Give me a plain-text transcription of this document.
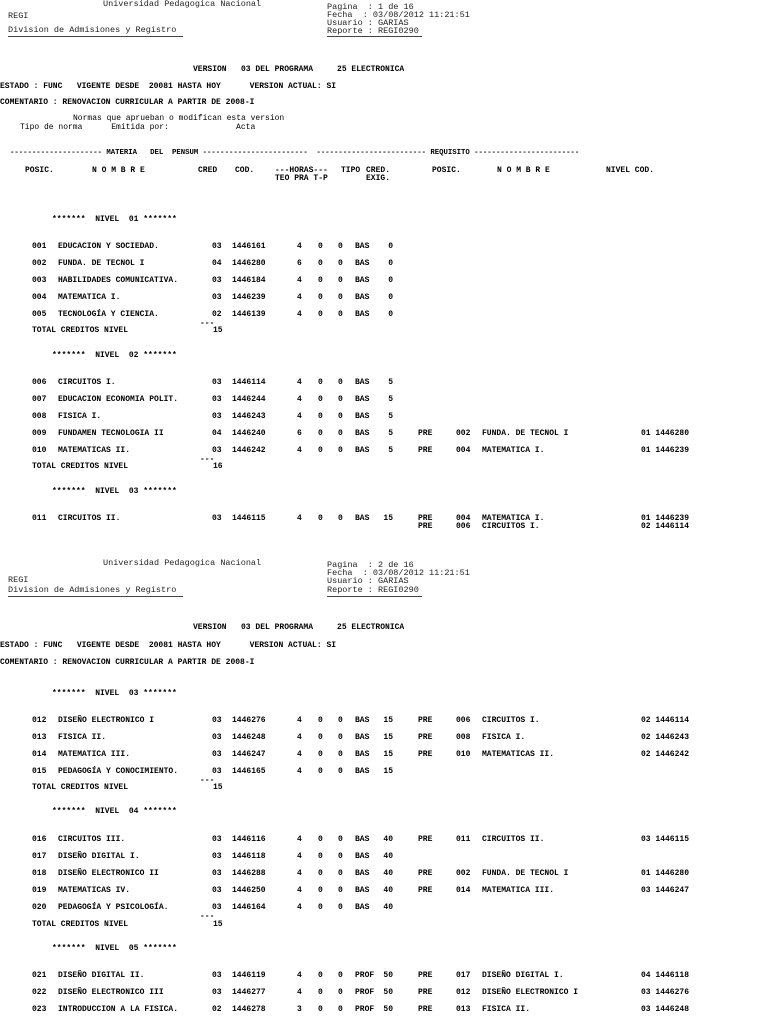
Universidad Pedagogica Nacional	Pagina  : 1 de 16
REGI	Fecha  : 03/08/2012 11:21:51
Usuario : GARIAS
Division de Admisiones y Registro	Reporte : REGI0290
VERSION   03 DEL PROGRAMA     25 ELECTRONICA
ESTADO : FUNC   VIGENTE DESDE  20081 HASTA HOY      VERSION ACTUAL: SI
COMENTARIO : RENOVACION CURRICULAR A PARTIR DE 2008-I
Normas que aprueban o modifican esta version
Tipo de norma      Emitida por:              Acta
--------------------- MATERIA   DEL  PENSUM ------------------------  ------------------------- REQUISITO ------------------------
POSIC.	N O M B R E	CRED COD.	---HORAS---
TEO PRA T-P
TIPO CRED.
EXIG.
POSIC.	N O M B R E	NIVEL COD.
*******  NIVEL  01 *******
001 EDUCACION Y SOCIEDAD.	03 1446161	4 0 0 BAS	0
002 FUNDA. DE TECNOL I	04 1446280	6 0 0 BAS	0
003 HABILIDADES COMUNICATIVA.	03 1446184	4 0 0 BAS	0
004 MATEMATICA I.	03 1446239	4 0 0 BAS	0
005 TECNOLOGÍA Y CIENCIA.	02 1446139	4 0 0 BAS	0
---
TOTAL CREDITOS NIVEL	15
*******  NIVEL  02 *******
006 CIRCUITOS I.	03 1446114	4 0 0 BAS	5
007 EDUCACION ECONOMIA POLIT.	03 1446244	4 0 0 BAS	5
008 FISICA I.	03 1446243	4 0 0 BAS	5
009 FUNDAMEN TECNOLOGIA II	04 1446240	6 0 0 BAS	5	PRE	002 FUNDA. DE TECNOL I	01 1446280
010 MATEMATICAS II.	03 1446242	4 0 0 BAS	5	PRE	004 MATEMATICA I.	01 1446239
---
TOTAL CREDITOS NIVEL	16
*******  NIVEL  03 *******
011 CIRCUITOS II.	03 1446115	4 0 0 BAS	15	PRE	004 MATEMATICA I.	01 1446239
PRE	006 CIRCUITOS I.	02 1446114
Universidad Pedagogica Nacional	Pagina  : 2 de 16
REGI
Fecha  : 03/08/2012 11:21:51
Usuario : GARIAS
Division de Admisiones y Registro	Reporte : REGI0290
VERSION   03 DEL PROGRAMA     25 ELECTRONICA
ESTADO : FUNC   VIGENTE DESDE  20081 HASTA HOY      VERSION ACTUAL: SI
COMENTARIO : RENOVACION CURRICULAR A PARTIR DE 2008-I
*******  NIVEL  03 *******
012 DISEÑO ELECTRONICO I	03 1446276	4 0 0 BAS	15	PRE	006 CIRCUITOS I.	02 1446114
013 FISICA II.	03 1446248	4 0 0 BAS	15	PRE	008 FISICA I.	02 1446243
014 MATEMATICA III.	03 1446247	4 0 0 BAS	15	PRE	010 MATEMATICAS II.	02 1446242
015 PEDAGOGÍA Y CONOCIMIENTO.	03 1446165	4 0 0 BAS	15
---
TOTAL CREDITOS NIVEL	15
*******  NIVEL  04 *******
016 CIRCUITOS III.	03 1446116	4 0 0 BAS	40	PRE	011 CIRCUITOS II.	03 1446115
017 DISEÑO DIGITAL I.	03 1446118	4 0 0 BAS	40
018 DISEÑO ELECTRONICO II	03 1446288	4 0 0 BAS	40	PRE	002 FUNDA. DE TECNOL I	01 1446280
019 MATEMATICAS IV.	03 1446250	4 0 0 BAS	40	PRE	014 MATEMATICA III.	03 1446247
020 PEDAGOGÍA Y PSICOLOGÍA.	03 1446164	4 0 0 BAS	40
---
TOTAL CREDITOS NIVEL	15
*******  NIVEL  05 *******
021 DISEÑO DIGITAL II.	03 1446119	4 0 0 PROF	50	PRE	017 DISEÑO DIGITAL I.	04 1446118
022 DISEÑO ELECTRONICO III	03 1446277	4 0 0 PROF	50	PRE	012 DISEÑO ELECTRONICO I	03 1446276
023 INTRODUCCION A LA FISICA.	02 1446278	3 0 0 PROF	50	PRE	013 FISICA II.	03 1446248
